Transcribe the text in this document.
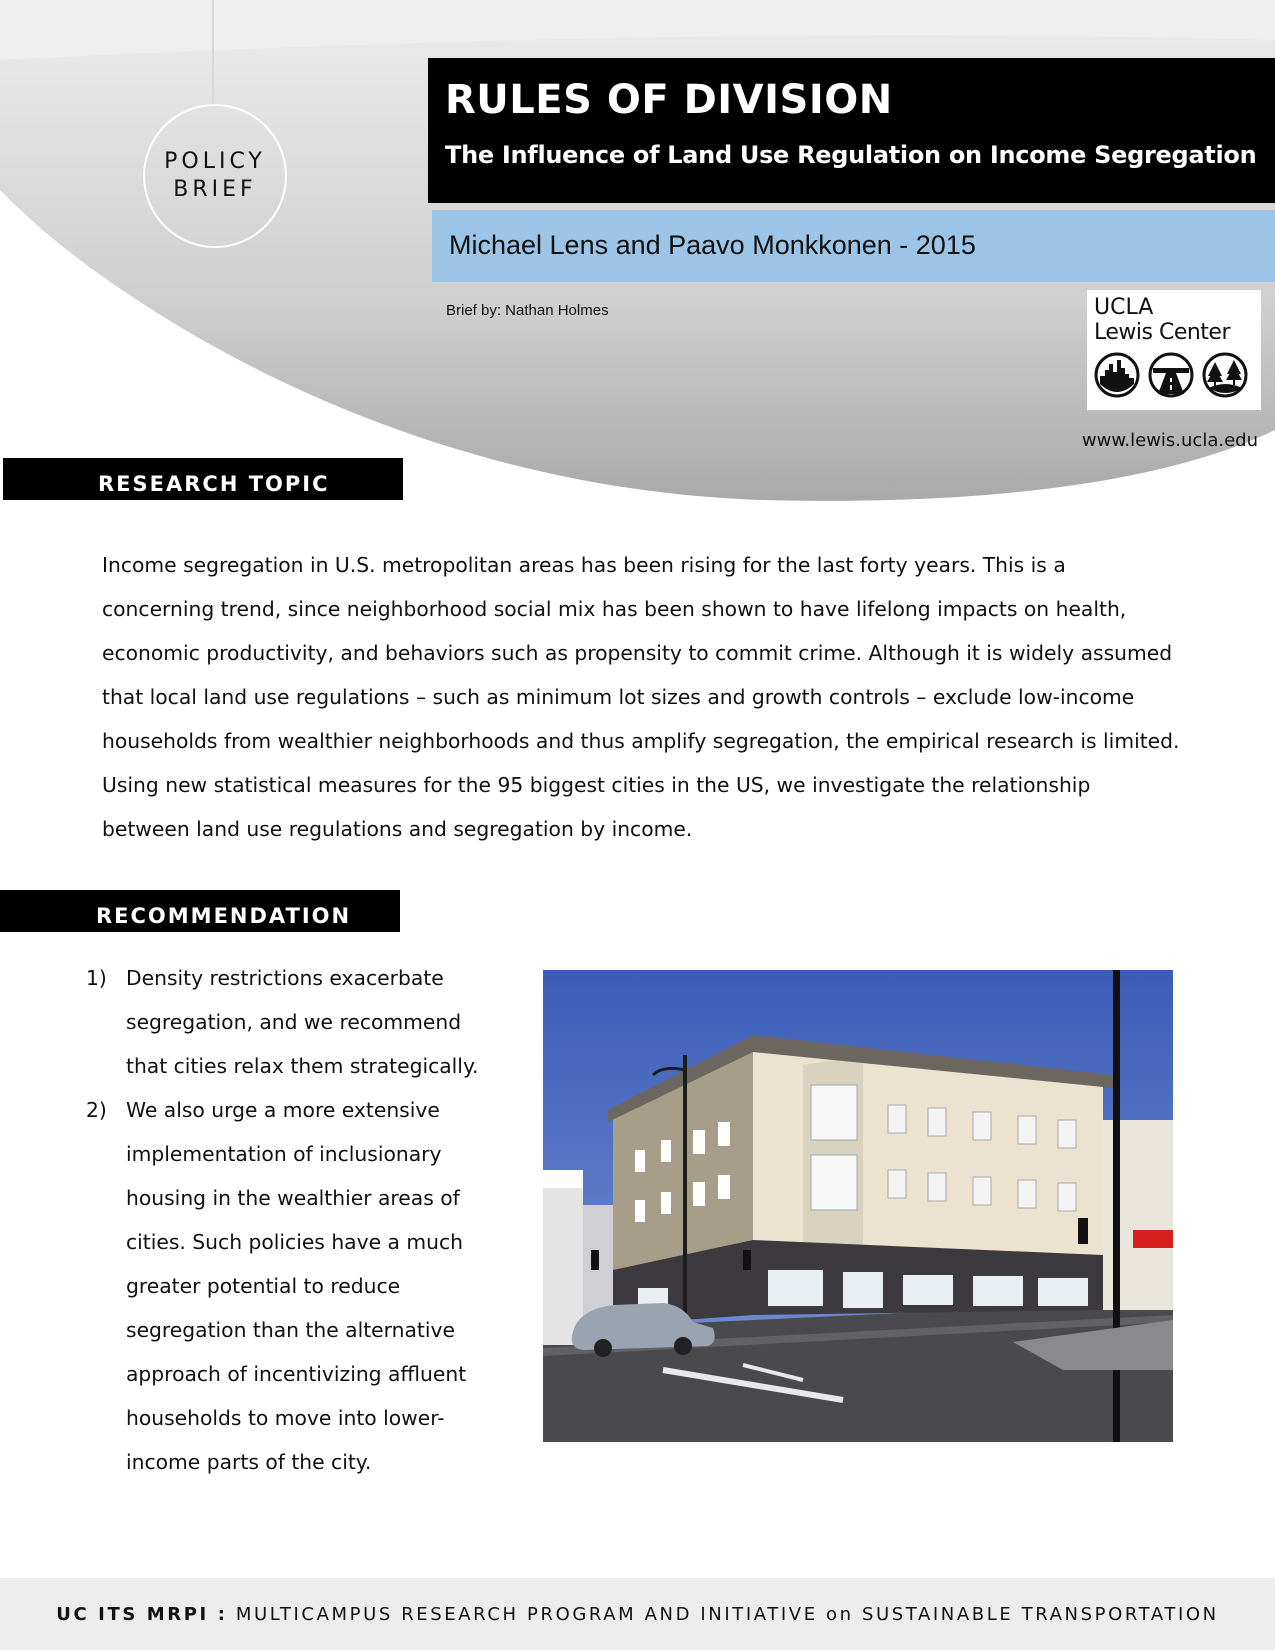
POLICY
BRIEF
RULES OF DIVISION
The Influence of Land Use Regulation on Income Segregation
Michael Lens and Paavo Monkkonen - 2015
Brief by: Nathan Holmes	UCLA
Lewis Center
www.lewis.ucla.edu
RESEARCH TOPIC

Income segregation in U.S. metropolitan areas has been rising for the last forty years. This is a concerning trend, since neighborhood social mix has been shown to have lifelong impacts on health, economic productivity, and behaviors such as propensity to commit crime. Although it is widely assumed that local land use regulations – such as minimum lot sizes and growth controls – exclude low-income households from wealthier neighborhoods and thus amplify segregation, the empirical research is limited. Using new statistical measures for the 95 biggest cities in the US, we investigate the relationship between land use regulations and segregation by income.

RECOMMENDATION
1) Density restrictions exacerbate segregation, and we recommend that cities relax them strategically.
2) We also urge a more extensive implementation of inclusionary housing in the wealthier areas of cities. Such policies have a much greater potential to reduce segregation than the alternative approach of incentivizing affluent households to move into lower-income parts of the city.
UC ITS MRPI : MULTICAMPUS RESEARCH PROGRAM AND INITIATIVE on SUSTAINABLE TRANSPORTATION
